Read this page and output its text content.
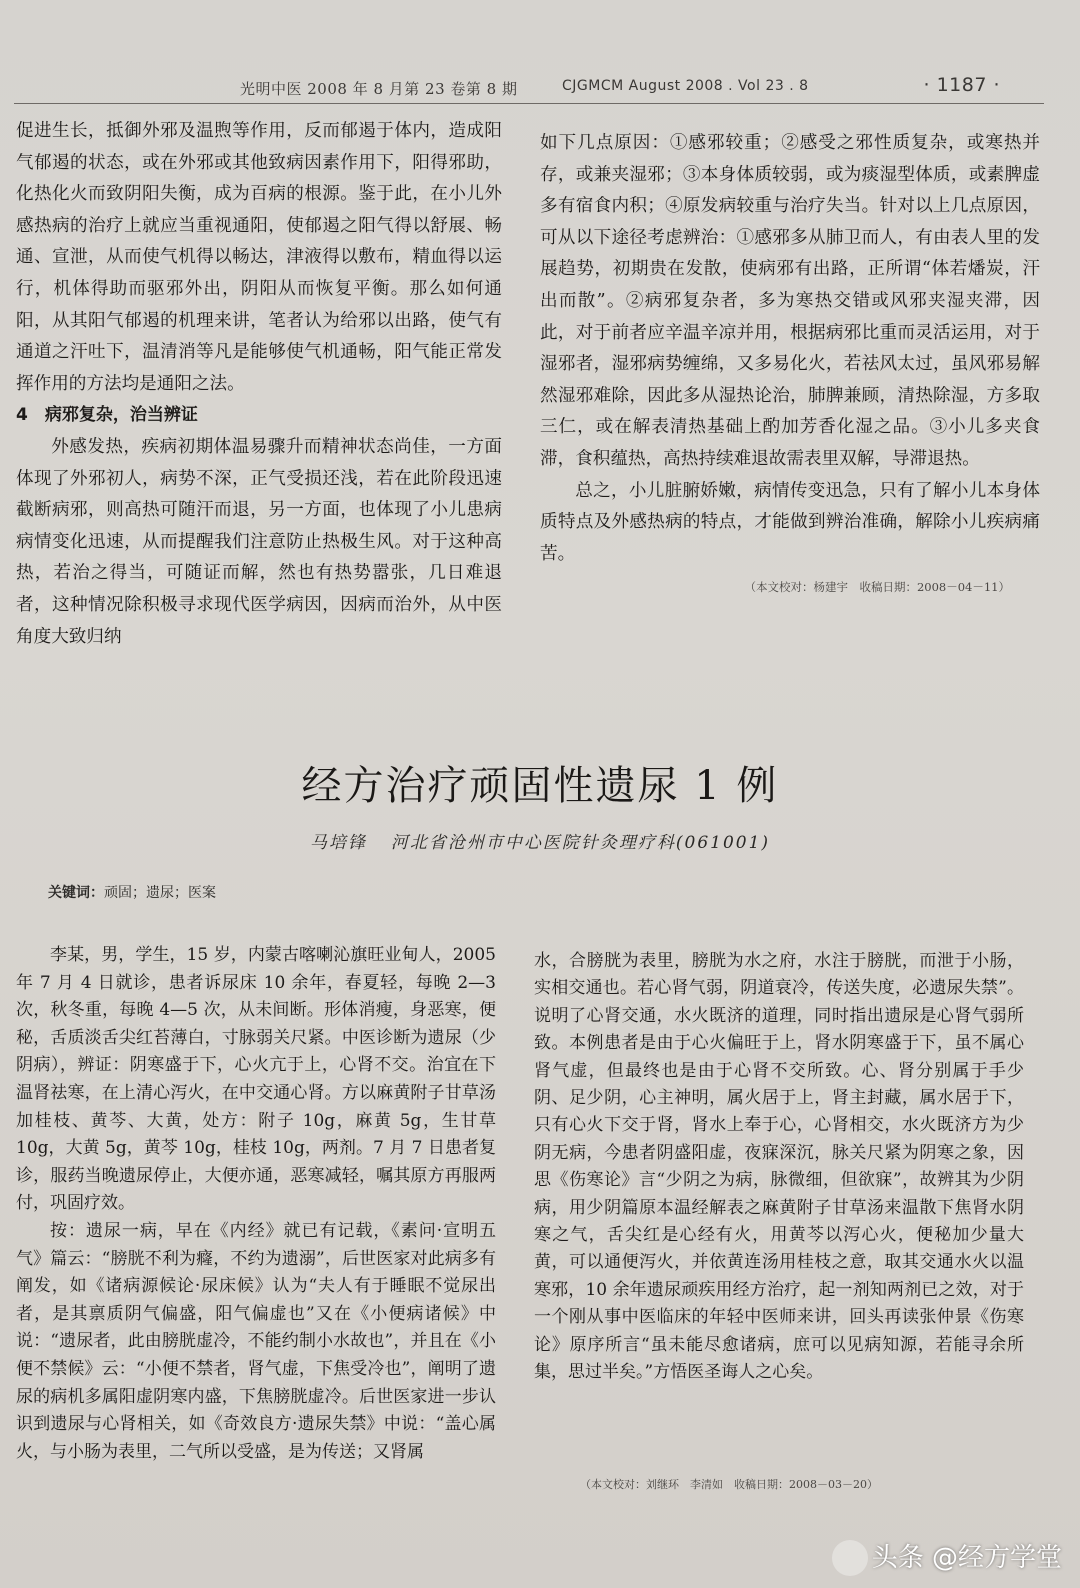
光明中医 2008 年 8 月第 23 卷第 8 期	CJGMCM August 2008 . Vol 23 . 8	· 1187 ·

促进生长，抵御外邪及温煦等作用，反而郁遏于体内，造成阳气郁遏的状态，或在外邪或其他致病因素作用下，阳得邪助，化热化火而致阴阳失衡，成为百病的根源。鉴于此，在小儿外感热病的治疗上就应当重视通阳，使郁遏之阳气得以舒展、畅通、宣泄，从而使气机得以畅达，津液得以敷布，精血得以运行，机体得助而驱邪外出，阴阳从而恢复平衡。那么如何通阳，从其阳气郁遏的机理来讲，笔者认为给邪以出路，使气有通道之汗吐下，温清消等凡是能够使气机通畅，阳气能正常发挥作用的方法均是通阳之法。

4　病邪复杂，治当辨证

外感发热，疾病初期体温易骤升而精神状态尚佳，一方面体现了外邪初人，病势不深，正气受损还浅，若在此阶段迅速截断病邪，则高热可随汗而退，另一方面，也体现了小儿患病病情变化迅速，从而提醒我们注意防止热极生风。对于这种高热，若治之得当，可随证而解，然也有热势嚣张，几日难退者，这种情况除积极寻求现代医学病因，因病而治外，从中医角度大致归纳

如下几点原因：①感邪较重；②感受之邪性质复杂，或寒热并存，或兼夹湿邪；③本身体质较弱，或为痰湿型体质，或素脾虚多有宿食内积；④原发病较重与治疗失当。针对以上几点原因，可从以下途径考虑辨治：①感邪多从肺卫而人，有由表人里的发展趋势，初期贵在发散，使病邪有出路，正所谓“体若燔炭，汗出而散”。②病邪复杂者，多为寒热交错或风邪夹湿夹滞，因此，对于前者应辛温辛凉并用，根据病邪比重而灵活运用，对于湿邪者，湿邪病势缠绵，又多易化火，若祛风太过，虽风邪易解然湿邪难除，因此多从湿热论治，肺脾兼顾，清热除湿，方多取三仁，或在解表清热基础上酌加芳香化湿之品。③小儿多夹食滞，食积蕴热，高热持续难退故需表里双解，导滞退热。

总之，小儿脏腑娇嫩，病情传变迅急，只有了解小儿本身体质特点及外感热病的特点，才能做到辨治准确，解除小儿疾病痛苦。

（本文校对：杨建宇　收稿日期：2008－04－11）

经方治疗顽固性遗尿 1 例
马培锋 河北省沧州市中心医院针灸理疗科(061001)
关键词：顽固；遗尿；医案

李某，男，学生，15 岁，内蒙古喀喇沁旗旺业甸人，2005 年 7 月 4 日就诊，患者诉尿床 10 余年，春夏轻，每晚 2—3 次，秋冬重，每晚 4—5 次，从未间断。形体消瘦，身恶寒，便秘，舌质淡舌尖红苔薄白，寸脉弱关尺紧。中医诊断为遗尿（少阴病），辨证：阴寒盛于下，心火亢于上，心肾不交。治宜在下温肾祛寒，在上清心泻火，在中交通心肾。方以麻黄附子甘草汤加桂枝、黄芩、大黄，处方：附子 10g，麻黄 5g，生甘草 10g，大黄 5g，黄芩 10g，桂枝 10g，两剂。7 月 7 日患者复诊，服药当晚遗尿停止，大便亦通，恶寒减轻，嘱其原方再服两付，巩固疗效。

按：遗尿一病，早在《内经》就已有记载，《素问·宣明五气》篇云：“膀胱不利为癃，不约为遗溺”，后世医家对此病多有阐发，如《诸病源候论·尿床候》认为“夫人有于睡眠不觉尿出者，是其禀质阴气偏盛，阳气偏虚也”又在《小便病诸候》中说：“遗尿者，此由膀胱虚冷，不能约制小水故也”，并且在《小便不禁候》云：“小便不禁者，肾气虚，下焦受冷也”，阐明了遗尿的病机多属阳虚阴寒内盛，下焦膀胱虚冷。后世医家进一步认识到遗尿与心肾相关，如《奇效良方·遗尿失禁》中说：“盖心属火，与小肠为表里，二气所以受盛，是为传送；又肾属

水，合膀胱为表里，膀胱为水之府，水注于膀胱，而泄于小肠，实相交通也。若心肾气弱，阴道衰冷，传送失度，必遗尿失禁”。说明了心肾交通，水火既济的道理，同时指出遗尿是心肾气弱所致。本例患者是由于心火偏旺于上，肾水阴寒盛于下，虽不属心肾气虚，但最终也是由于心肾不交所致。心、肾分别属于手少阴、足少阴，心主神明，属火居于上，肾主封藏，属水居于下，只有心火下交于肾，肾水上奉于心，心肾相交，水火既济方为少阴无病，今患者阴盛阳虚，夜寐深沉，脉关尺紧为阴寒之象，因思《伤寒论》言“少阴之为病，脉微细，但欲寐”，故辨其为少阴病，用少阴篇原本温经解表之麻黄附子甘草汤来温散下焦肾水阴寒之气，舌尖红是心经有火，用黄芩以泻心火，便秘加少量大黄，可以通便泻火，并依黄连汤用桂枝之意，取其交通水火以温寒邪，10 余年遗尿顽疾用经方治疗，起一剂知两剂已之效，对于一个刚从事中医临床的年轻中医师来讲，回头再读张仲景《伤寒论》原序所言“虽未能尽愈诸病，庶可以见病知源，若能寻余所集，思过半矣。”方悟医圣诲人之心矣。

（本文校对：刘继环　李清如　收稿日期：2008－03－20）
头条 @经方学堂
